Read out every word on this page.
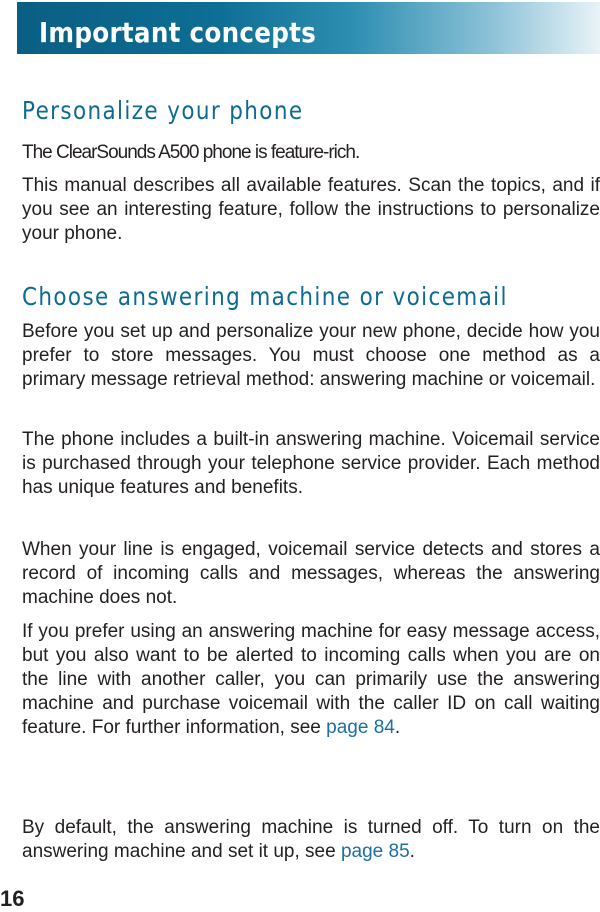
Important concepts
Personalize your phone

The ClearSounds A500 phone is feature-rich.

This manual describes all available features. Scan the topics, and if you see an interesting feature, follow the instructions to personalize your phone.

Choose answering machine or voicemail

Before you set up and personalize your new phone, decide how you prefer to store messages. You must choose one method as a primary message retrieval method: answering machine or voicemail.

The phone includes a built-in answering machine. Voicemail service is purchased through your telephone service provider. Each method has unique features and benefits.

When your line is engaged, voicemail service detects and stores a record of incoming calls and messages, whereas the answering machine does not.

If you prefer using an answering machine for easy message access, but you also want to be alerted to incoming calls when you are on the line with another caller, you can primarily use the answering machine and purchase voicemail with the caller ID on call waiting feature. For further information, see page 84.

By default, the answering machine is turned off. To turn on the answering machine and set it up, see page 85.

16
